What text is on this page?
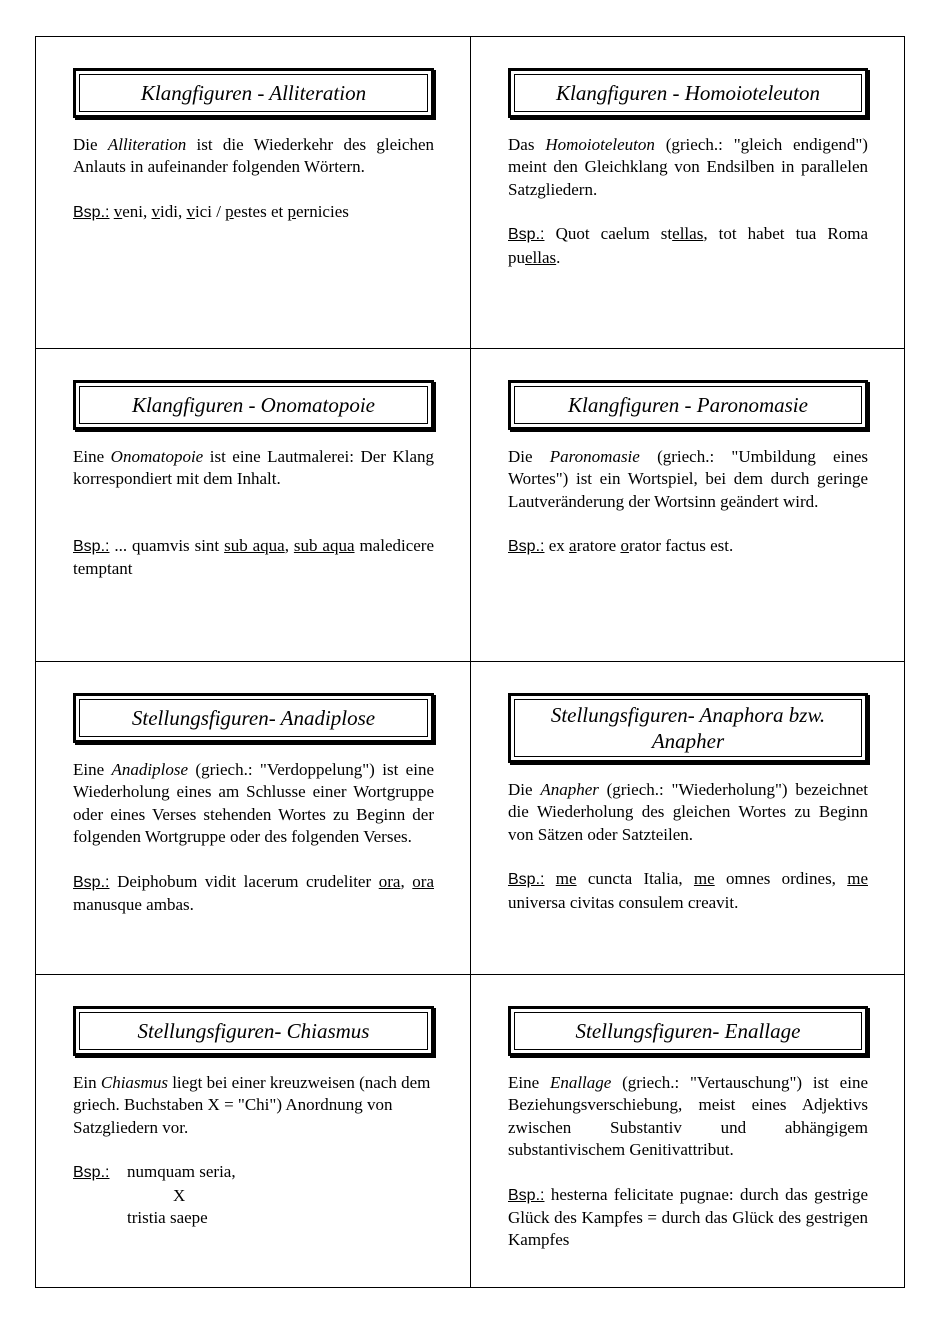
Klangfiguren - Alliteration
Die Alliteration ist die Wiederkehr des gleichen Anlauts in aufeinander folgenden Wörtern.
Bsp.: veni, vidi, vici / pestes et pernicies
Klangfiguren - Homoioteleuton
Das Homoioteleuton (griech.: "gleich endigend") meint den Gleichklang von Endsilben in parallelen Satzgliedern.
Bsp.: Quot caelum stellas, tot habet tua Roma puellas.
Klangfiguren - Onomatopoie
Eine Onomatopoie ist eine Lautmalerei: Der Klang korrespondiert mit dem Inhalt.
Bsp.: ... quamvis sint sub aqua, sub aqua maledicere temptant
Klangfiguren - Paronomasie
Die Paronomasie (griech.: "Umbildung eines Wortes") ist ein Wortspiel, bei dem durch geringe Lautveränderung der Wortsinn geändert wird.
Bsp.: ex aratore orator factus est.
Stellungsfiguren- Anadiplose
Eine Anadiplose (griech.: "Verdoppelung") ist eine Wiederholung eines am Schlusse einer Wortgruppe oder eines Verses stehenden Wortes zu Beginn der folgenden Wortgruppe oder des folgenden Verses.
Bsp.: Deiphobum vidit lacerum crudeliter ora, ora manusque ambas.
Stellungsfiguren- Anaphora bzw. Anapher
Die Anapher (griech.: "Wiederholung") bezeichnet die Wiederholung des gleichen Wortes zu Beginn von Sätzen oder Satzteilen.
Bsp.: me cuncta Italia, me omnes ordines, me universa civitas consulem creavit.
Stellungsfiguren- Chiasmus
Ein Chiasmus liegt bei einer kreuzweisen (nach dem griech. Buchstaben X = "Chi") Anordnung von Satzgliedern vor.
Bsp.: numquam seria,
X
tristia saepe
Stellungsfiguren- Enallage
Eine Enallage (griech.: "Vertauschung") ist eine Beziehungsverschiebung, meist eines Adjektivs zwischen Substantiv und abhängigem substantivischem Genitivattribut.
Bsp.: hesterna felicitate pugnae: durch das gestrige Glück des Kampfes = durch das Glück des gestrigen Kampfes
